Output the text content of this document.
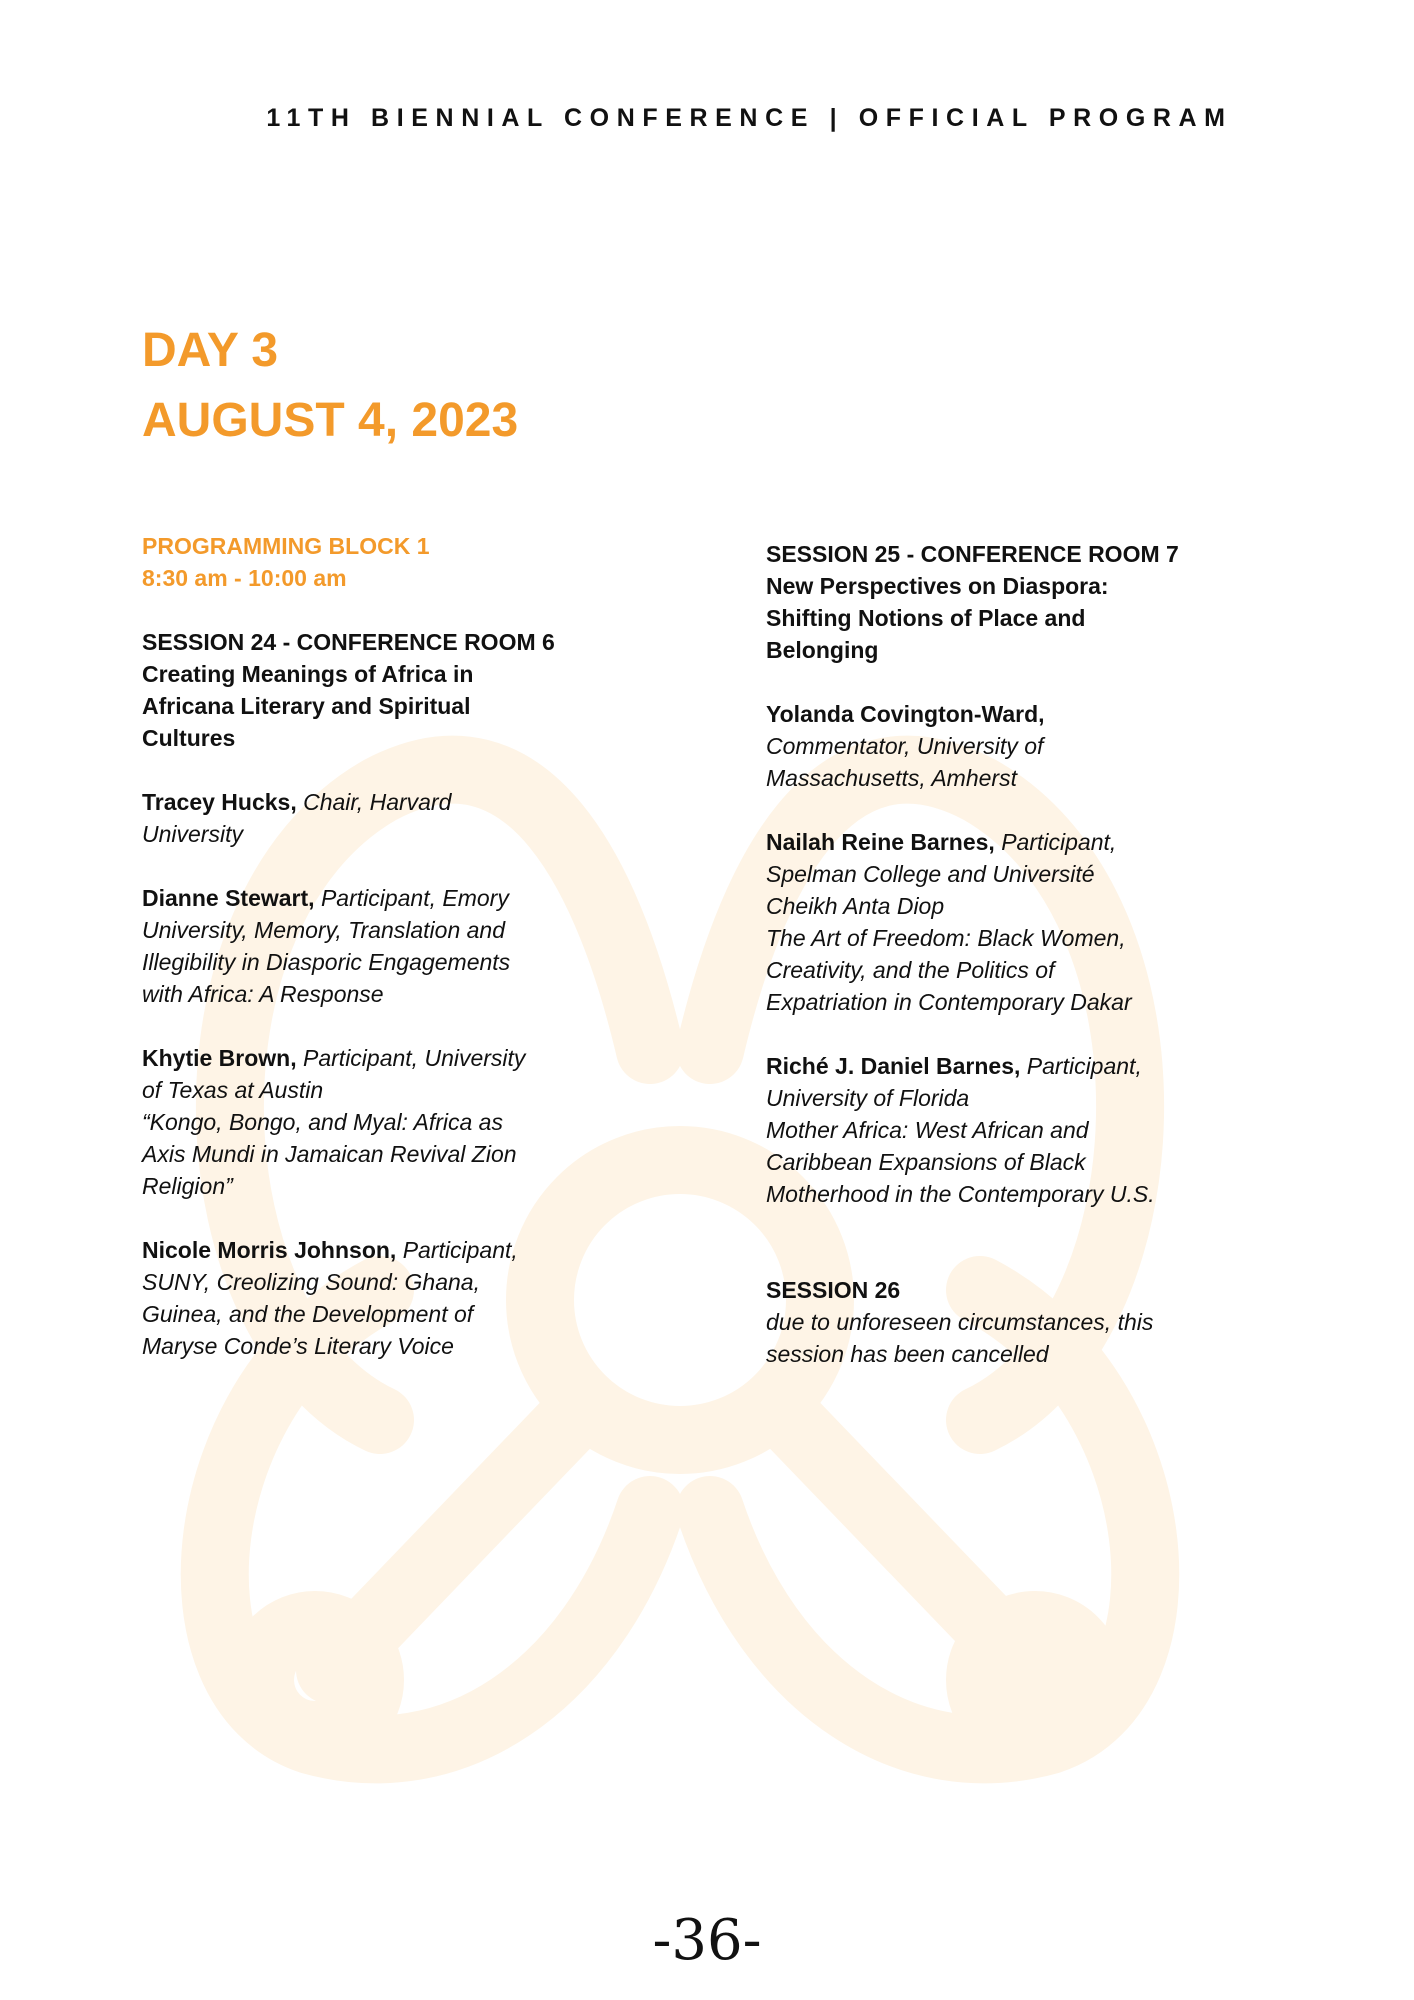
11TH BIENNIAL CONFERENCE | OFFICIAL PROGRAM
DAY 3
AUGUST 4, 2023
PROGRAMMING BLOCK 1
8:30 am - 10:00 am
SESSION 24 - CONFERENCE ROOM 6
Creating Meanings of Africa in
Africana Literary and Spiritual
Cultures
Tracey Hucks, Chair, Harvard
University
Dianne Stewart, Participant, Emory
University, Memory, Translation and
Illegibility in Diasporic Engagements
with Africa: A Response
Khytie Brown, Participant, University
of Texas at Austin
“Kongo, Bongo, and Myal: Africa as
Axis Mundi in Jamaican Revival Zion
Religion”
Nicole Morris Johnson, Participant,
SUNY, Creolizing Sound: Ghana,
Guinea, and the Development of
Maryse Conde’s Literary Voice
SESSION 25 - CONFERENCE ROOM 7
New Perspectives on Diaspora:
Shifting Notions of Place and
Belonging
Yolanda Covington-Ward,
Commentator, University of
Massachusetts, Amherst
Nailah Reine Barnes, Participant,
Spelman College and Université
Cheikh Anta Diop
The Art of Freedom: Black Women,
Creativity, and the Politics of
Expatriation in Contemporary Dakar
Riché J. Daniel Barnes, Participant,
University of Florida
Mother Africa: West African and
Caribbean Expansions of Black
Motherhood in the Contemporary U.S.
SESSION 26
due to unforeseen circumstances, this
session has been cancelled
-36-
